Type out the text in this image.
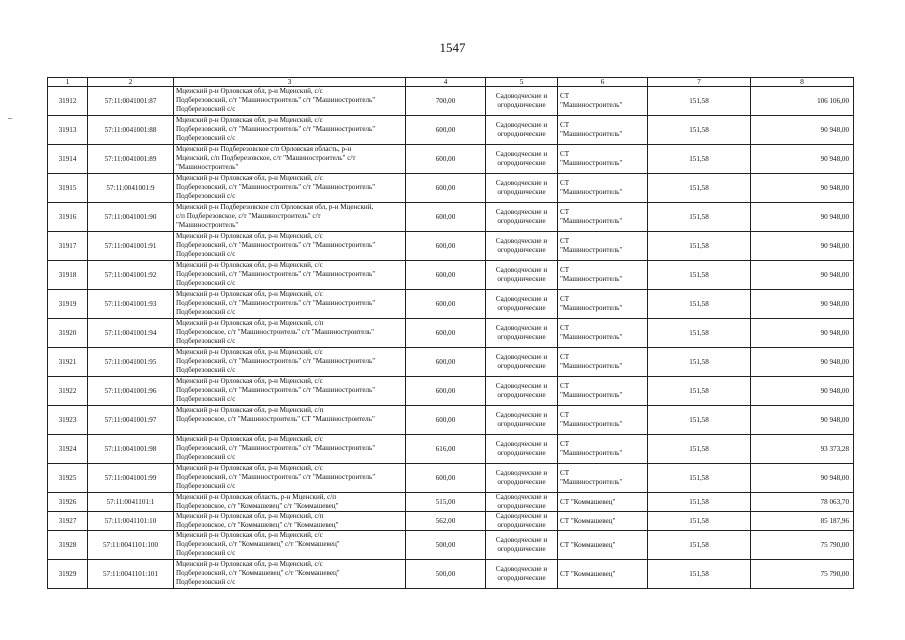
1547
1	2	3	4	5	6	7	8
31912	57:11:0041001:87	Мценский р-н Орловская обл, р-н Мценский, с/с
Подберезовский, с/т "Машиностроитель" с/т "Машиностроитель"
Подберезовский с/с	700,00	Садоводческие и
огороднические	СТ
"Машиностроитель"	151,58	106 106,00
31913	57:11:0041001:88	Мценский р-н Орловская обл, р-н Мценский, с/с
Подберезовский, с/т "Машиностроитель" с/т "Машиностроитель"
Подберезовский с/с	600,00	Садоводческие и
огороднические	СТ
"Машиностроитель"	151,58	90 948,00
31914	57:11:0041001:89	Мценский р-н Подберезовское с/п Орловская область, р-н
Мценский, с/п Подберезовское, с/т "Машиностроитель" с/т
"Машиностроитель"	600,00	Садоводческие и
огороднические	СТ
"Машиностроитель"	151,58	90 948,00
31915	57:11:0041001:9	Мценский р-н Орловская обл, р-н Мценский, с/с
Подберезовский, с/т "Машиностроитель" с/т "Машиностроитель"
Подберезовский с/с	600,00	Садоводческие и
огороднические	СТ
"Машиностроитель"	151,58	90 948,00
31916	57:11:0041001:90	Мценский р-н Подберезовское с/п Орловская обл, р-н Мценский,
с/п Подберезовское, с/т "Машиностроитель" с/т
"Машиностроитель"	600,00	Садоводческие и
огороднические	СТ
"Машиностроитель"	151,58	90 948,00
31917	57:11:0041001:91	Мценский р-н Орловская обл, р-н Мценский, с/с
Подберезовский, с/т "Машиностроитель" с/т "Машиностроитель"
Подберезовский с/с	600,00	Садоводческие и
огороднические	СТ
"Машиностроитель"	151,58	90 948,00
31918	57:11:0041001:92	Мценский р-н Орловская обл, р-н Мценский, с/с
Подберезовский, с/т "Машиностроитель" с/т "Машиностроитель"
Подберезовский с/с	600,00	Садоводческие и
огороднические	СТ
"Машиностроитель"	151,58	90 948,00
31919	57:11:0041001:93	Мценский р-н Орловская обл, р-н Мценский, с/с
Подберезовский, с/т "Машиностроитель" с/т "Машиностроитель"
Подберезовский с/с	600,00	Садоводческие и
огороднические	СТ
"Машиностроитель"	151,58	90 948,00
31920	57:11:0041001:94	Мценский р-н Орловская обл, р-н Мценский, с/п
Подберезовское, с/т "Машиностроитель" с/т "Машиностроитель"
Подберезовский с/с	600,00	Садоводческие и
огороднические	СТ
"Машиностроитель"	151,58	90 948,00
31921	57:11:0041001:95	Мценский р-н Орловская обл, р-н Мценский, с/с
Подберезовский, с/т "Машиностроитель" с/т "Машиностроитель"
Подберезовский с/с	600,00	Садоводческие и
огороднические	СТ
"Машиностроитель"	151,58	90 948,00
31922	57:11:0041001:96	Мценский р-н Орловская обл, р-н Мценский, с/с
Подберезовский, с/т "Машиностроитель" с/т "Машиностроитель"
Подберезовский с/с	600,00	Садоводческие и
огороднические	СТ
"Машиностроитель"	151,58	90 948,00
31923	57:11:0041001:97	Мценский р-н Орловская обл, р-н Мценский, с/п
Подберезовское, с/т "Машиностроитель" СТ "Машиностроитель"	600,00	Садоводческие и
огороднические	СТ
"Машиностроитель"	151,58	90 948,00
31924	57:11:0041001:98	Мценский р-н Орловская обл, р-н Мценский, с/с
Подберезовский, с/т "Машиностроитель" с/т "Машиностроитель"
Подберезовский с/с	616,00	Садоводческие и
огороднические	СТ
"Машиностроитель"	151,58	93 373,28
31925	57:11:0041001:99	Мценский р-н Орловская обл, р-н Мценский, с/с
Подберезовский, с/т "Машиностроитель" с/т "Машиностроитель"
Подберезовский с/с	600,00	Садоводческие и
огороднические	СТ
"Машиностроитель"	151,58	90 948,00
31926	57:11:0041101:1	Мценский р-н Орловская область, р-н Мценский, с/п
Подберезовское, с/т "Коммашевец" с/т "Коммашевец"	515,00	Садоводческие и
огороднические	СТ "Коммашевец"	151,58	78 063,70
31927	57:11:0041101:10	Мценский р-н Орловская обл, р-н Мценский, с/п
Подберезовское, с/т "Коммашевец" с/т "Коммашевец"	562,00	Садоводческие и
огороднические	СТ "Коммашевец"	151,58	85 187,96
31928	57:11:0041101:100	Мценский р-н Орловская обл, р-н Мценский, с/с
Подберезовский, с/т "Коммашевец" с/т "Коммашевец"
Подберезовский с/с	500,00	Садоводческие и
огороднические	СТ "Коммашевец"	151,58	75 790,00
31929	57:11:0041101:101	Мценский р-н Орловская обл, р-н Мценский, с/с
Подберезовский, с/т "Коммашевец" с/т "Коммашевец"
Подберезовский с/с	500,00	Садоводческие и
огороднические	СТ "Коммашевец"	151,58	75 790,00
